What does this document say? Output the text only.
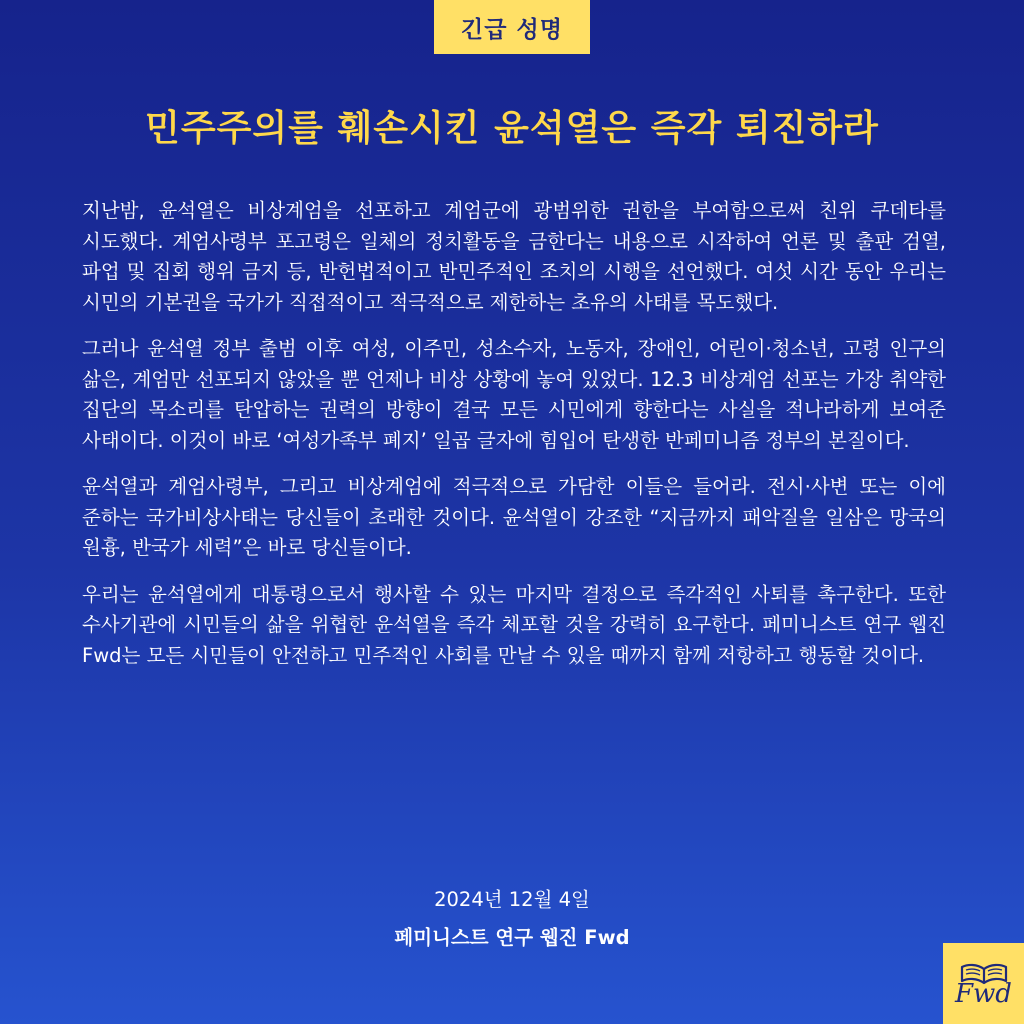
긴급 성명
민주주의를 훼손시킨 윤석열은 즉각 퇴진하라

지난밤, 윤석열은 비상계엄을 선포하고 계엄군에 광범위한 권한을 부여함으로써 친위 쿠데타를 시도했다. 계엄사령부 포고령은 일체의 정치활동을 금한다는 내용으로 시작하여 언론 및 출판 검열, 파업 및 집회 행위 금지 등, 반헌법적이고 반민주적인 조치의 시행을 선언했다. 여섯 시간 동안 우리는 시민의 기본권을 국가가 직접적이고 적극적으로 제한하는 초유의 사태를 목도했다.

그러나 윤석열 정부 출범 이후 여성, 이주민, 성소수자, 노동자, 장애인, 어린이·청소년, 고령 인구의 삶은, 계엄만 선포되지 않았을 뿐 언제나 비상 상황에 놓여 있었다. 12.3 비상계엄 선포는 가장 취약한 집단의 목소리를 탄압하는 권력의 방향이 결국 모든 시민에게 향한다는 사실을 적나라하게 보여준 사태이다. 이것이 바로 ‘여성가족부 폐지’ 일곱 글자에 힘입어 탄생한 반페미니즘 정부의 본질이다.

윤석열과 계엄사령부, 그리고 비상계엄에 적극적으로 가담한 이들은 들어라. 전시·사변 또는 이에 준하는 국가비상사태는 당신들이 초래한 것이다. 윤석열이 강조한 “지금까지 패악질을 일삼은 망국의 원흉, 반국가 세력”은 바로 당신들이다.

우리는 윤석열에게 대통령으로서 행사할 수 있는 마지막 결정으로 즉각적인 사퇴를 촉구한다. 또한 수사기관에 시민들의 삶을 위협한 윤석열을 즉각 체포할 것을 강력히 요구한다. 페미니스트 연구 웹진 Fwd는 모든 시민들이 안전하고 민주적인 사회를 만날 수 있을 때까지 함께 저항하고 행동할 것이다.

2024년 12월 4일
페미니스트 연구 웹진 Fwd
Fwd
